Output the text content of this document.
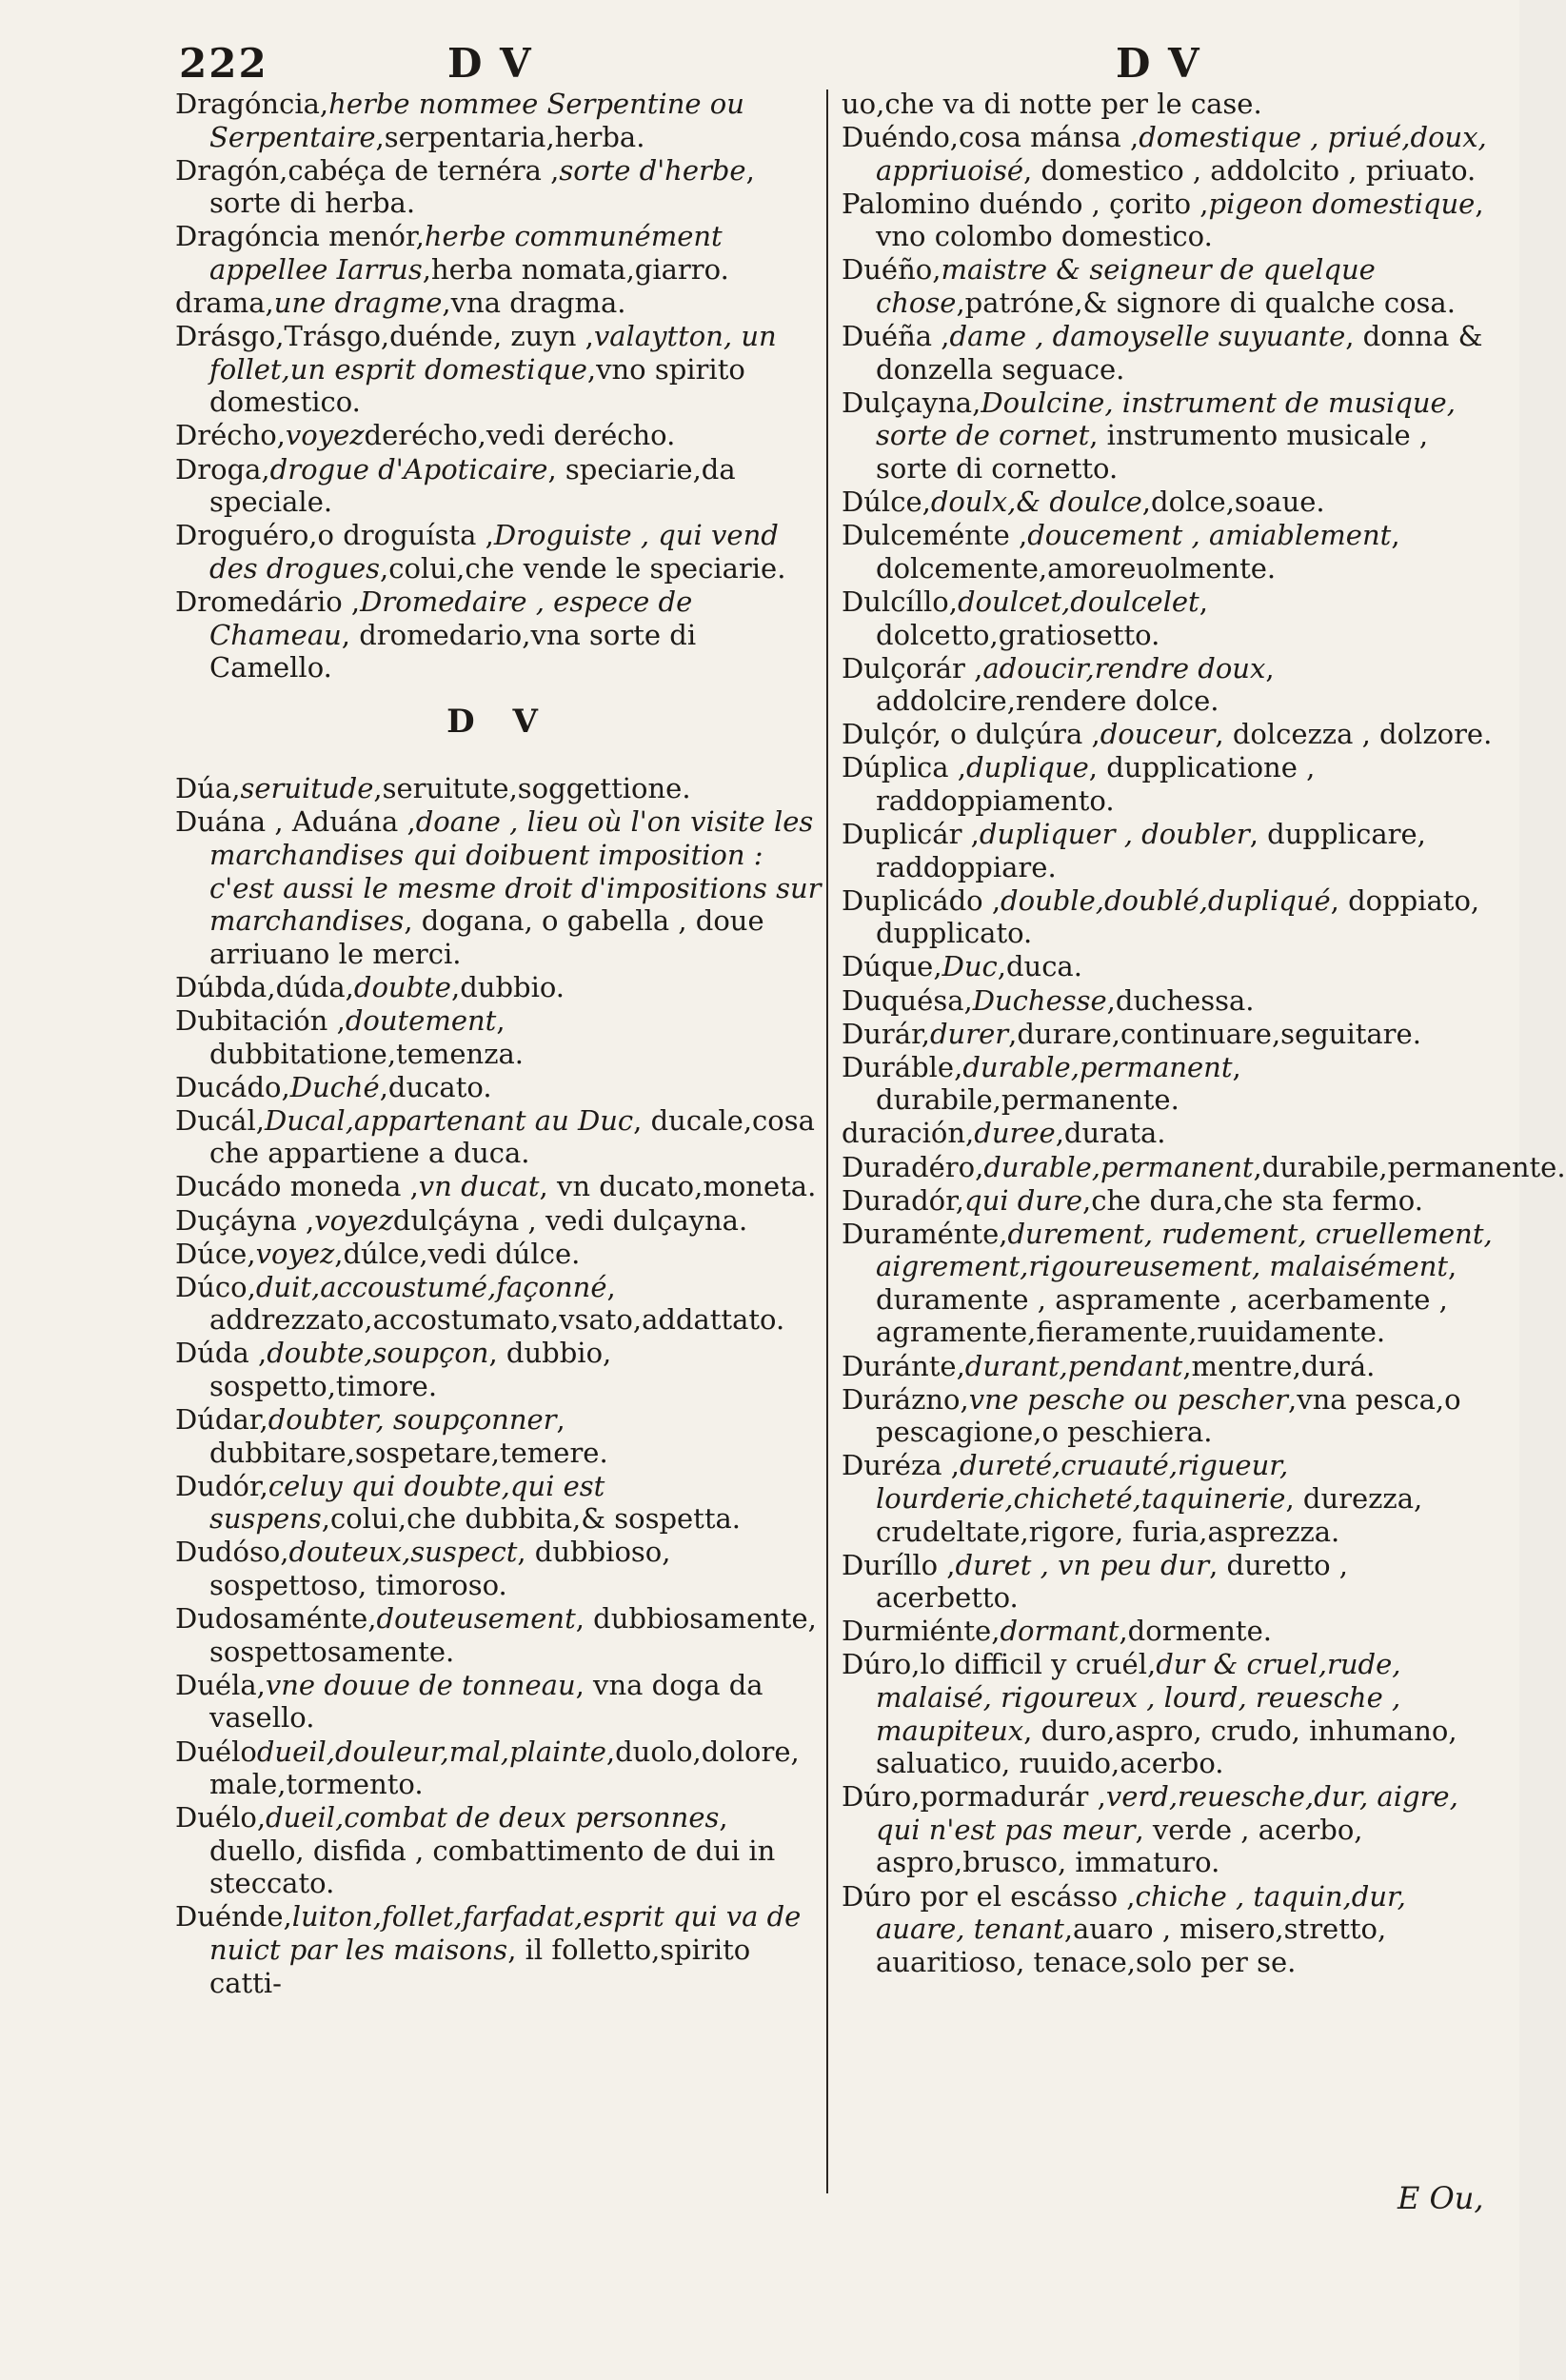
222	D V	D V

Dragóncia,herbe nommee Serpentine ou Serpentaire,serpentaria,herba.

Dragón,cabéça de ternéra ,sorte d'herbe, sorte di herba.

Dragóncia menór,herbe communément appellee Iarrus,herba nomata,giarro.

drama,une dragme,vna dragma.

Drásgo,Trásgo,duénde, zuyn ,valaytton, un follet,un esprit domestique,vno spirito domestico.

Drécho,voyezderécho,vedi derécho.

Droga,drogue d'Apoticaire, speciarie,da speciale.

Droguéro,o droguísta ,Droguiste , qui vend des drogues,colui,che vende le speciarie.

Dromedário ,Dromedaire , espece de Chameau, dromedario,vna sorte di Camello.

D V

Dúa,seruitude,seruitute,soggettione.

Duána , Aduána ,doane , lieu où l'on visite les marchandises qui doibuent imposition : c'est aussi le mesme droit d'impositions sur marchandises, dogana, o gabella , doue arriuano le merci.

Dúbda,dúda,doubte,dubbio.

Dubitación ,doutement, dubbitatione,temenza.

Ducádo,Duché,ducato.

Ducál,Ducal,appartenant au Duc, ducale,cosa che appartiene a duca.

Ducádo moneda ,vn ducat, vn ducato,moneta.

Duçáyna ,voyezdulçáyna , vedi dulçayna.

Dúce,voyez,dúlce,vedi dúlce.

Dúco,duit,accoustumé,façonné, addrezzato,accostumato,vsato,addattato.

Dúda ,doubte,soupçon, dubbio, sospetto,timore.

Dúdar,doubter, soupçonner, dubbitare,sospetare,temere.

Dudór,celuy qui doubte,qui est suspens,colui,che dubbita,& sospetta.

Dudóso,douteux,suspect, dubbioso, sospettoso, timoroso.

Dudosaménte,douteusement, dubbiosamente, sospettosamente.

Duéla,vne douue de tonneau, vna doga da vasello.

Duélodueil,douleur,mal,plainte,duolo,dolore, male,tormento.

Duélo,dueil,combat de deux personnes, duello, disfida , combattimento de dui in steccato.

Duénde,luiton,follet,farfadat,esprit qui va de nuict par les maisons, il folletto,spirito catti-

uo,che va di notte per le case.

Duéndo,cosa mánsa ,domestique , priué,doux, appriuoisé, domestico , addolcito , priuato.

Palomino duéndo , çorito ,pigeon domestique, vno colombo domestico.

Duéño,maistre & seigneur de quelque chose,patróne,& signore di qualche cosa.

Duéña ,dame , damoyselle suyuante, donna & donzella seguace.

Dulçayna,Doulcine, instrument de musique, sorte de cornet, instrumento musicale , sorte di cornetto.

Dúlce,doulx,& doulce,dolce,soaue.

Dulceménte ,doucement , amiablement, dolcemente,amoreuolmente.

Dulcíllo,doulcet,doulcelet, dolcetto,gratiosetto.

Dulçorár ,adoucir,rendre doux, addolcire,rendere dolce.

Dulçór, o dulçúra ,douceur, dolcezza , dolzore.

Dúplica ,duplique, dupplicatione , raddoppiamento.

Duplicár ,dupliquer , doubler, dupplicare, raddoppiare.

Duplicádo ,double,doublé,dupliqué, doppiato, dupplicato.

Dúque,Duc,duca.

Duquésa,Duchesse,duchessa.

Durár,durer,durare,continuare,seguitare.

Duráble,durable,permanent, durabile,permanente.

duración,duree,durata.

Duradéro,durable,permanent,durabile,permanente.

Duradór,qui dure,che dura,che sta fermo.

Duraménte,durement, rudement, cruellement, aigrement,rigoureusement, malaisément, duramente , aspramente , acerbamente , agramente,fieramente,ruuidamente.

Duránte,durant,pendant,mentre,durá.

Durázno,vne pesche ou pescher,vna pesca,o pescagione,o peschiera.

Duréza ,dureté,cruauté,rigueur, lourderie,chicheté,taquinerie, durezza, crudeltate,rigore, furia,asprezza.

Duríllo ,duret , vn peu dur, duretto , acerbetto.

Durmiénte,dormant,dormente.

Dúro,lo difficil y cruél,dur & cruel,rude, malaisé, rigoureux , lourd, reuesche , maupiteux, duro,aspro, crudo, inhumano, saluatico, ruuido,acerbo.

Dúro,pormadurár ,verd,reuesche,dur, aigre, qui n'est pas meur, verde , acerbo, aspro,brusco, immaturo.

Dúro por el escásso ,chiche , taquin,dur, auare, tenant,auaro , misero,stretto, auaritioso, tenace,solo per se.

E Ou,
